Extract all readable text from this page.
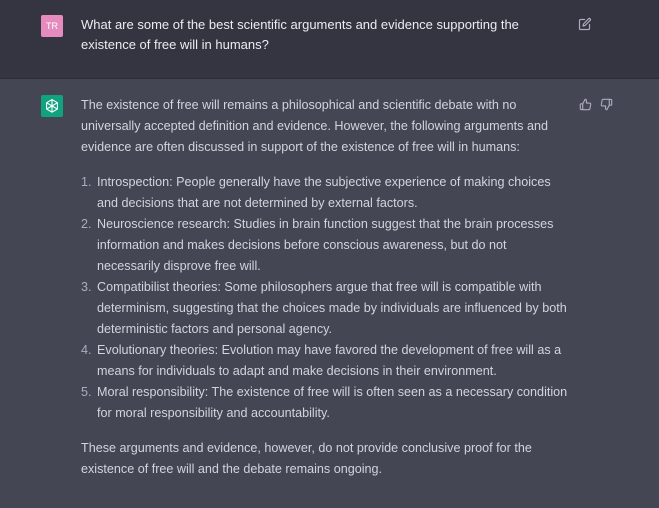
TR	What are some of the best scientific arguments and evidence supporting the existence of free will in humans?

The existence of free will remains a philosophical and scientific debate with no universally accepted definition and evidence. However, the following arguments and evidence are often discussed in support of the existence of free will in humans:

1. Introspection: People generally have the subjective experience of making choices and decisions that are not determined by external factors.
2. Neuroscience research: Studies in brain function suggest that the brain processes information and makes decisions before conscious awareness, but do not necessarily disprove free will.
3. Compatibilist theories: Some philosophers argue that free will is compatible with determinism, suggesting that the choices made by individuals are influenced by both deterministic factors and personal agency.
4. Evolutionary theories: Evolution may have favored the development of free will as a means for individuals to adapt and make decisions in their environment.
5. Moral responsibility: The existence of free will is often seen as a necessary condition for moral responsibility and accountability.

These arguments and evidence, however, do not provide conclusive proof for the existence of free will and the debate remains ongoing.
